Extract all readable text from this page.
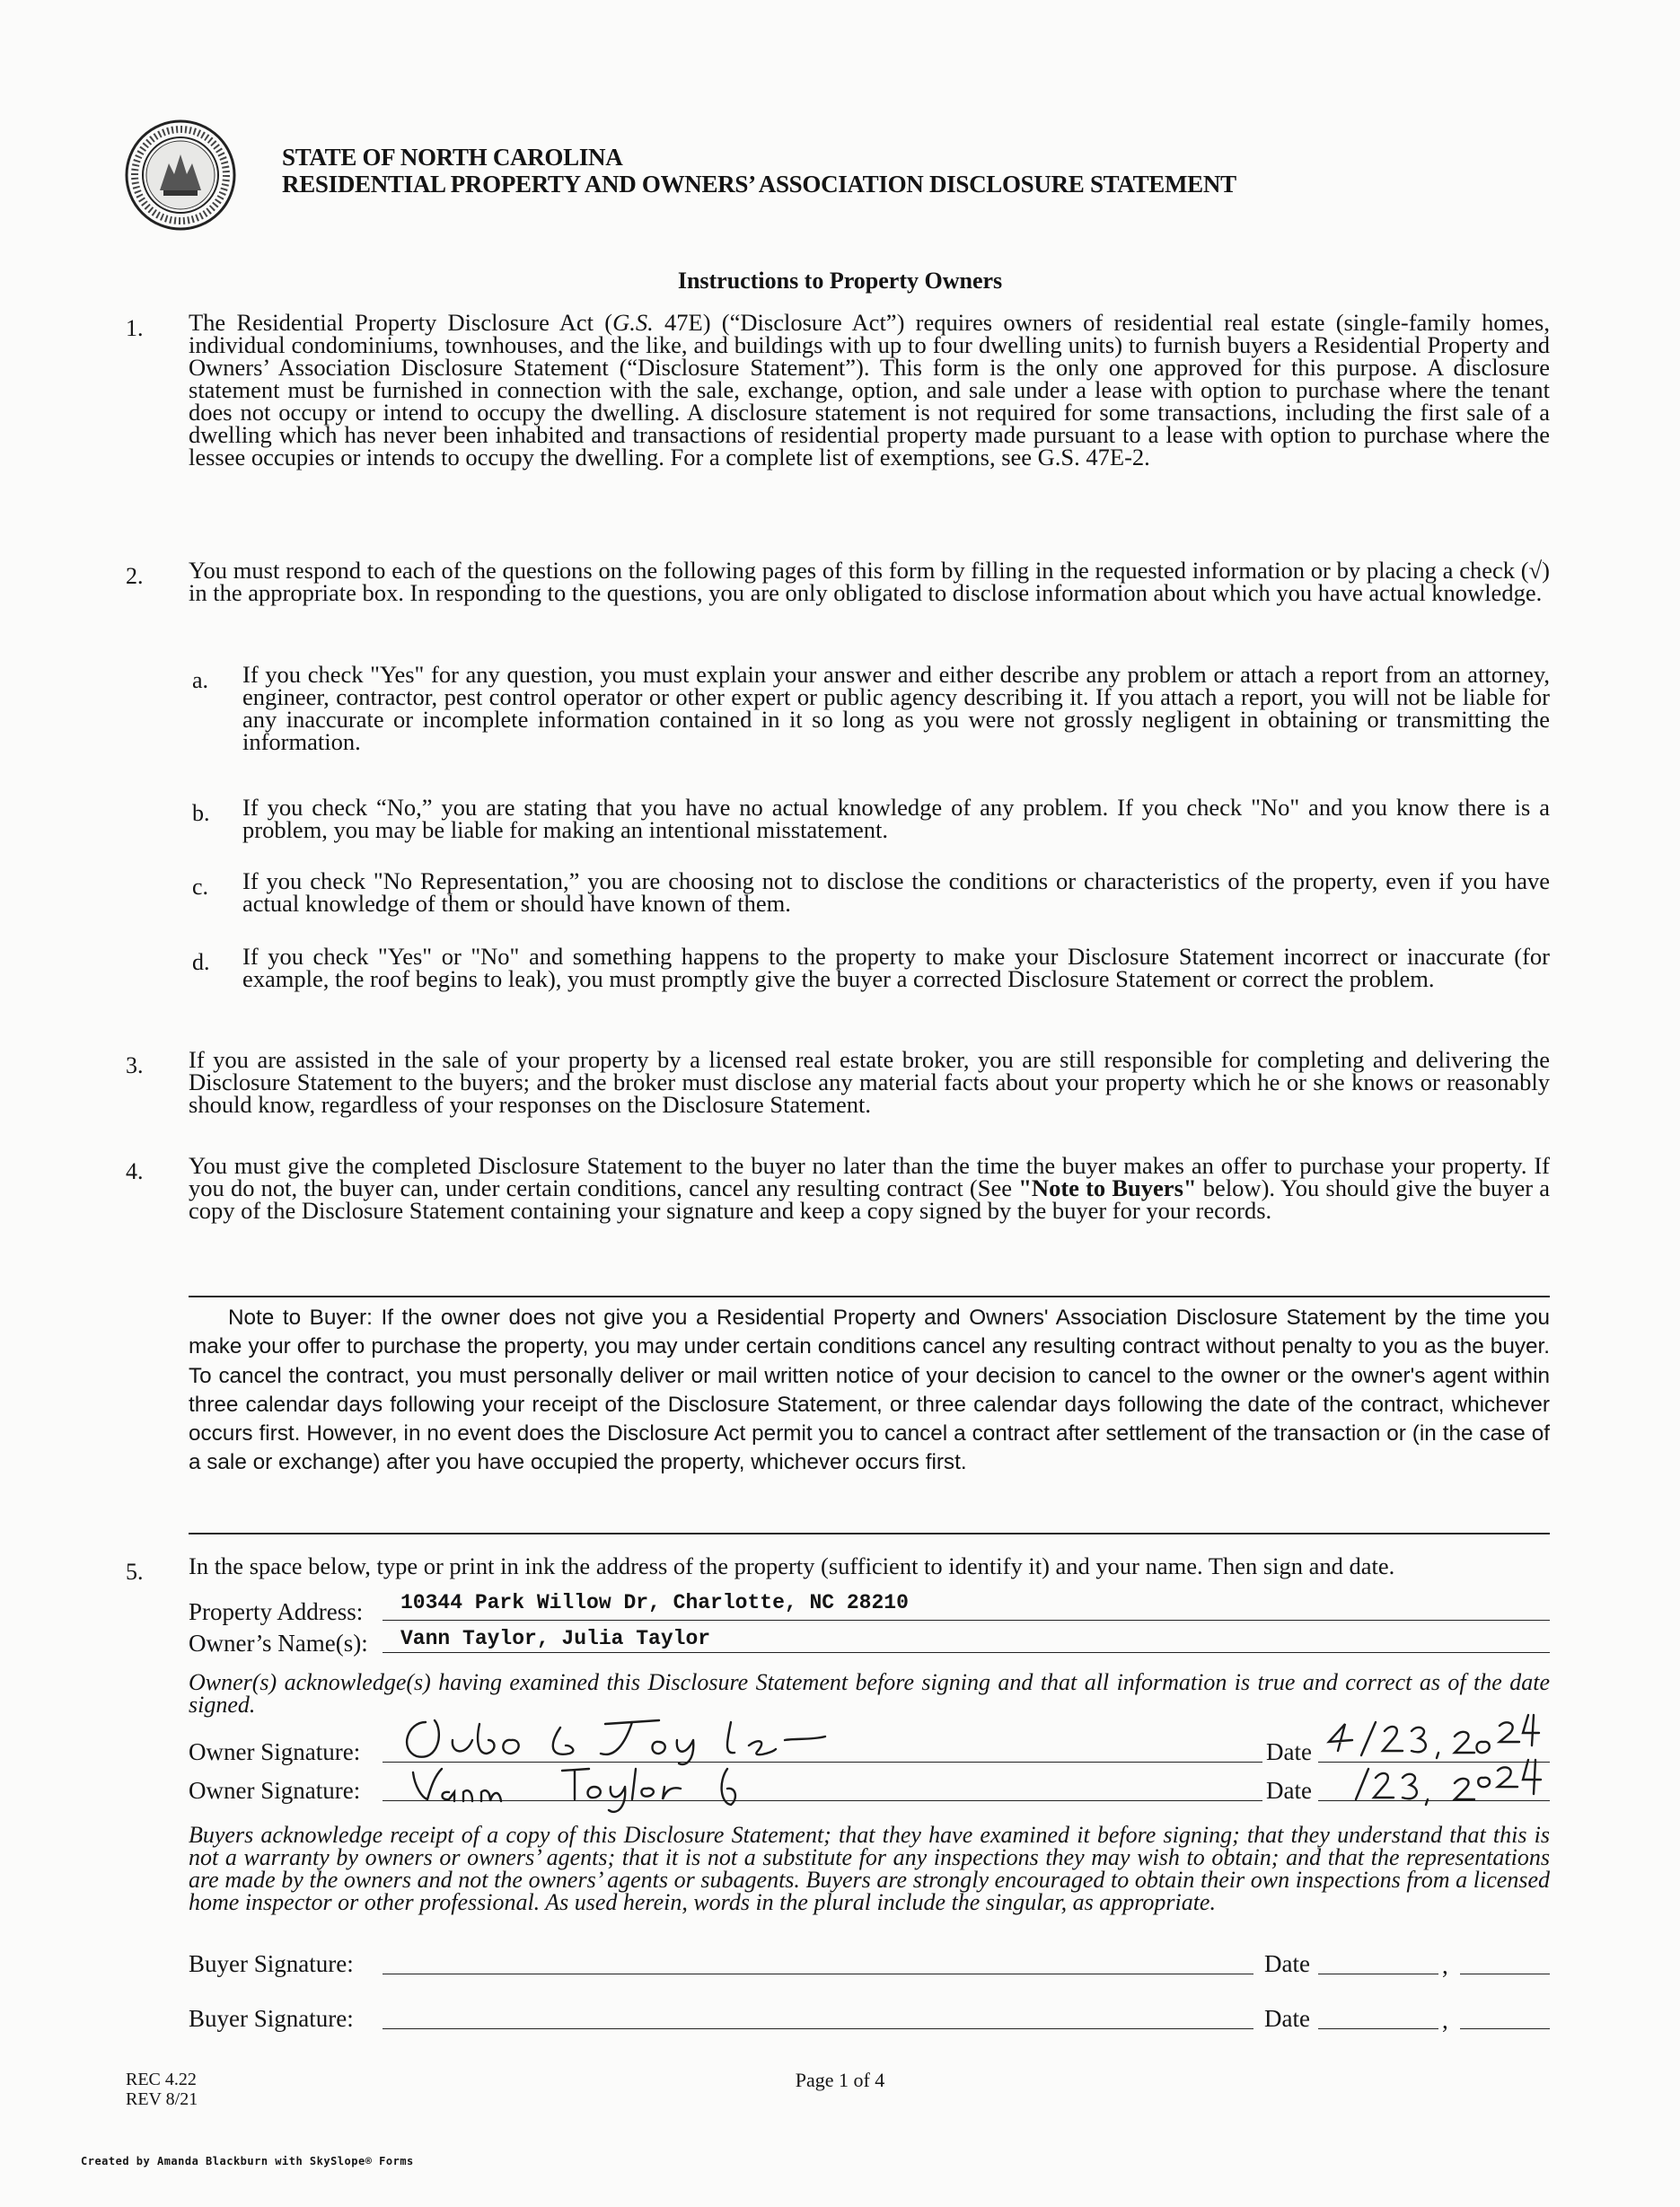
STATE OF NORTH CAROLINA
RESIDENTIAL PROPERTY AND OWNERS’ ASSOCIATION DISCLOSURE STATEMENT
Instructions to Property Owners
1. The Residential Property Disclosure Act (G.S. 47E) (“Disclosure Act”) requires owners of residential real estate (single-family homes, individual condominiums, townhouses, and the like, and buildings with up to four dwelling units) to furnish buyers a Residential Property and Owners’ Association Disclosure Statement (“Disclosure Statement”). This form is the only one approved for this purpose. A disclosure statement must be furnished in connection with the sale, exchange, option, and sale under a lease with option to purchase where the tenant does not occupy or intend to occupy the dwelling. A disclosure statement is not required for some transactions, including the first sale of a dwelling which has never been inhabited and transactions of residential property made pursuant to a lease with option to purchase where the lessee occupies or intends to occupy the dwelling. For a complete list of exemptions, see G.S. 47E-2.
2. You must respond to each of the questions on the following pages of this form by filling in the requested information or by placing a check (√) in the appropriate box. In responding to the questions, you are only obligated to disclose information about which you have actual knowledge.
a. If you check "Yes" for any question, you must explain your answer and either describe any problem or attach a report from an attorney, engineer, contractor, pest control operator or other expert or public agency describing it. If you attach a report, you will not be liable for any inaccurate or incomplete information contained in it so long as you were not grossly negligent in obtaining or transmitting the information.
b. If you check “No,” you are stating that you have no actual knowledge of any problem. If you check "No" and you know there is a problem, you may be liable for making an intentional misstatement.
c. If you check "No Representation,” you are choosing not to disclose the conditions or characteristics of the property, even if you have actual knowledge of them or should have known of them.
d. If you check "Yes" or "No" and something happens to the property to make your Disclosure Statement incorrect or inaccurate (for example, the roof begins to leak), you must promptly give the buyer a corrected Disclosure Statement or correct the problem.
3. If you are assisted in the sale of your property by a licensed real estate broker, you are still responsible for completing and delivering the Disclosure Statement to the buyers; and the broker must disclose any material facts about your property which he or she knows or reasonably should know, regardless of your responses on the Disclosure Statement.
4. You must give the completed Disclosure Statement to the buyer no later than the time the buyer makes an offer to purchase your property. If you do not, the buyer can, under certain conditions, cancel any resulting contract (See "Note to Buyers" below). You should give the buyer a copy of the Disclosure Statement containing your signature and keep a copy signed by the buyer for your records.
Note to Buyer: If the owner does not give you a Residential Property and Owners' Association Disclosure Statement by the time you make your offer to purchase the property, you may under certain conditions cancel any resulting contract without penalty to you as the buyer. To cancel the contract, you must personally deliver or mail written notice of your decision to cancel to the owner or the owner's agent within three calendar days following your receipt of the Disclosure Statement, or three calendar days following the date of the contract, whichever occurs first. However, in no event does the Disclosure Act permit you to cancel a contract after settlement of the transaction or (in the case of a sale or exchange) after you have occupied the property, whichever occurs first.
5. In the space below, type or print in ink the address of the property (sufficient to identify it) and your name. Then sign and date.
Property Address: 10344 Park Willow Dr, Charlotte, NC 28210
Owner’s Name(s): Vann Taylor, Julia Taylor
Owner(s) acknowledge(s) having examined this Disclosure Statement before signing and that all information is true and correct as of the date signed.
Owner Signature:	Date
Owner Signature:	Date
Buyers acknowledge receipt of a copy of this Disclosure Statement; that they have examined it before signing; that they understand that this is not a warranty by owners or owners’ agents; that it is not a substitute for any inspections they may wish to obtain; and that the representations are made by the owners and not the owners’ agents or subagents. Buyers are strongly encouraged to obtain their own inspections from a licensed home inspector or other professional. As used herein, words in the plural include the singular, as appropriate.
Buyer Signature:	Date	,
Buyer Signature:	Date	,
REC 4.22
REV 8/21
Page 1 of 4
Created by Amanda Blackburn with SkySlope® Forms
